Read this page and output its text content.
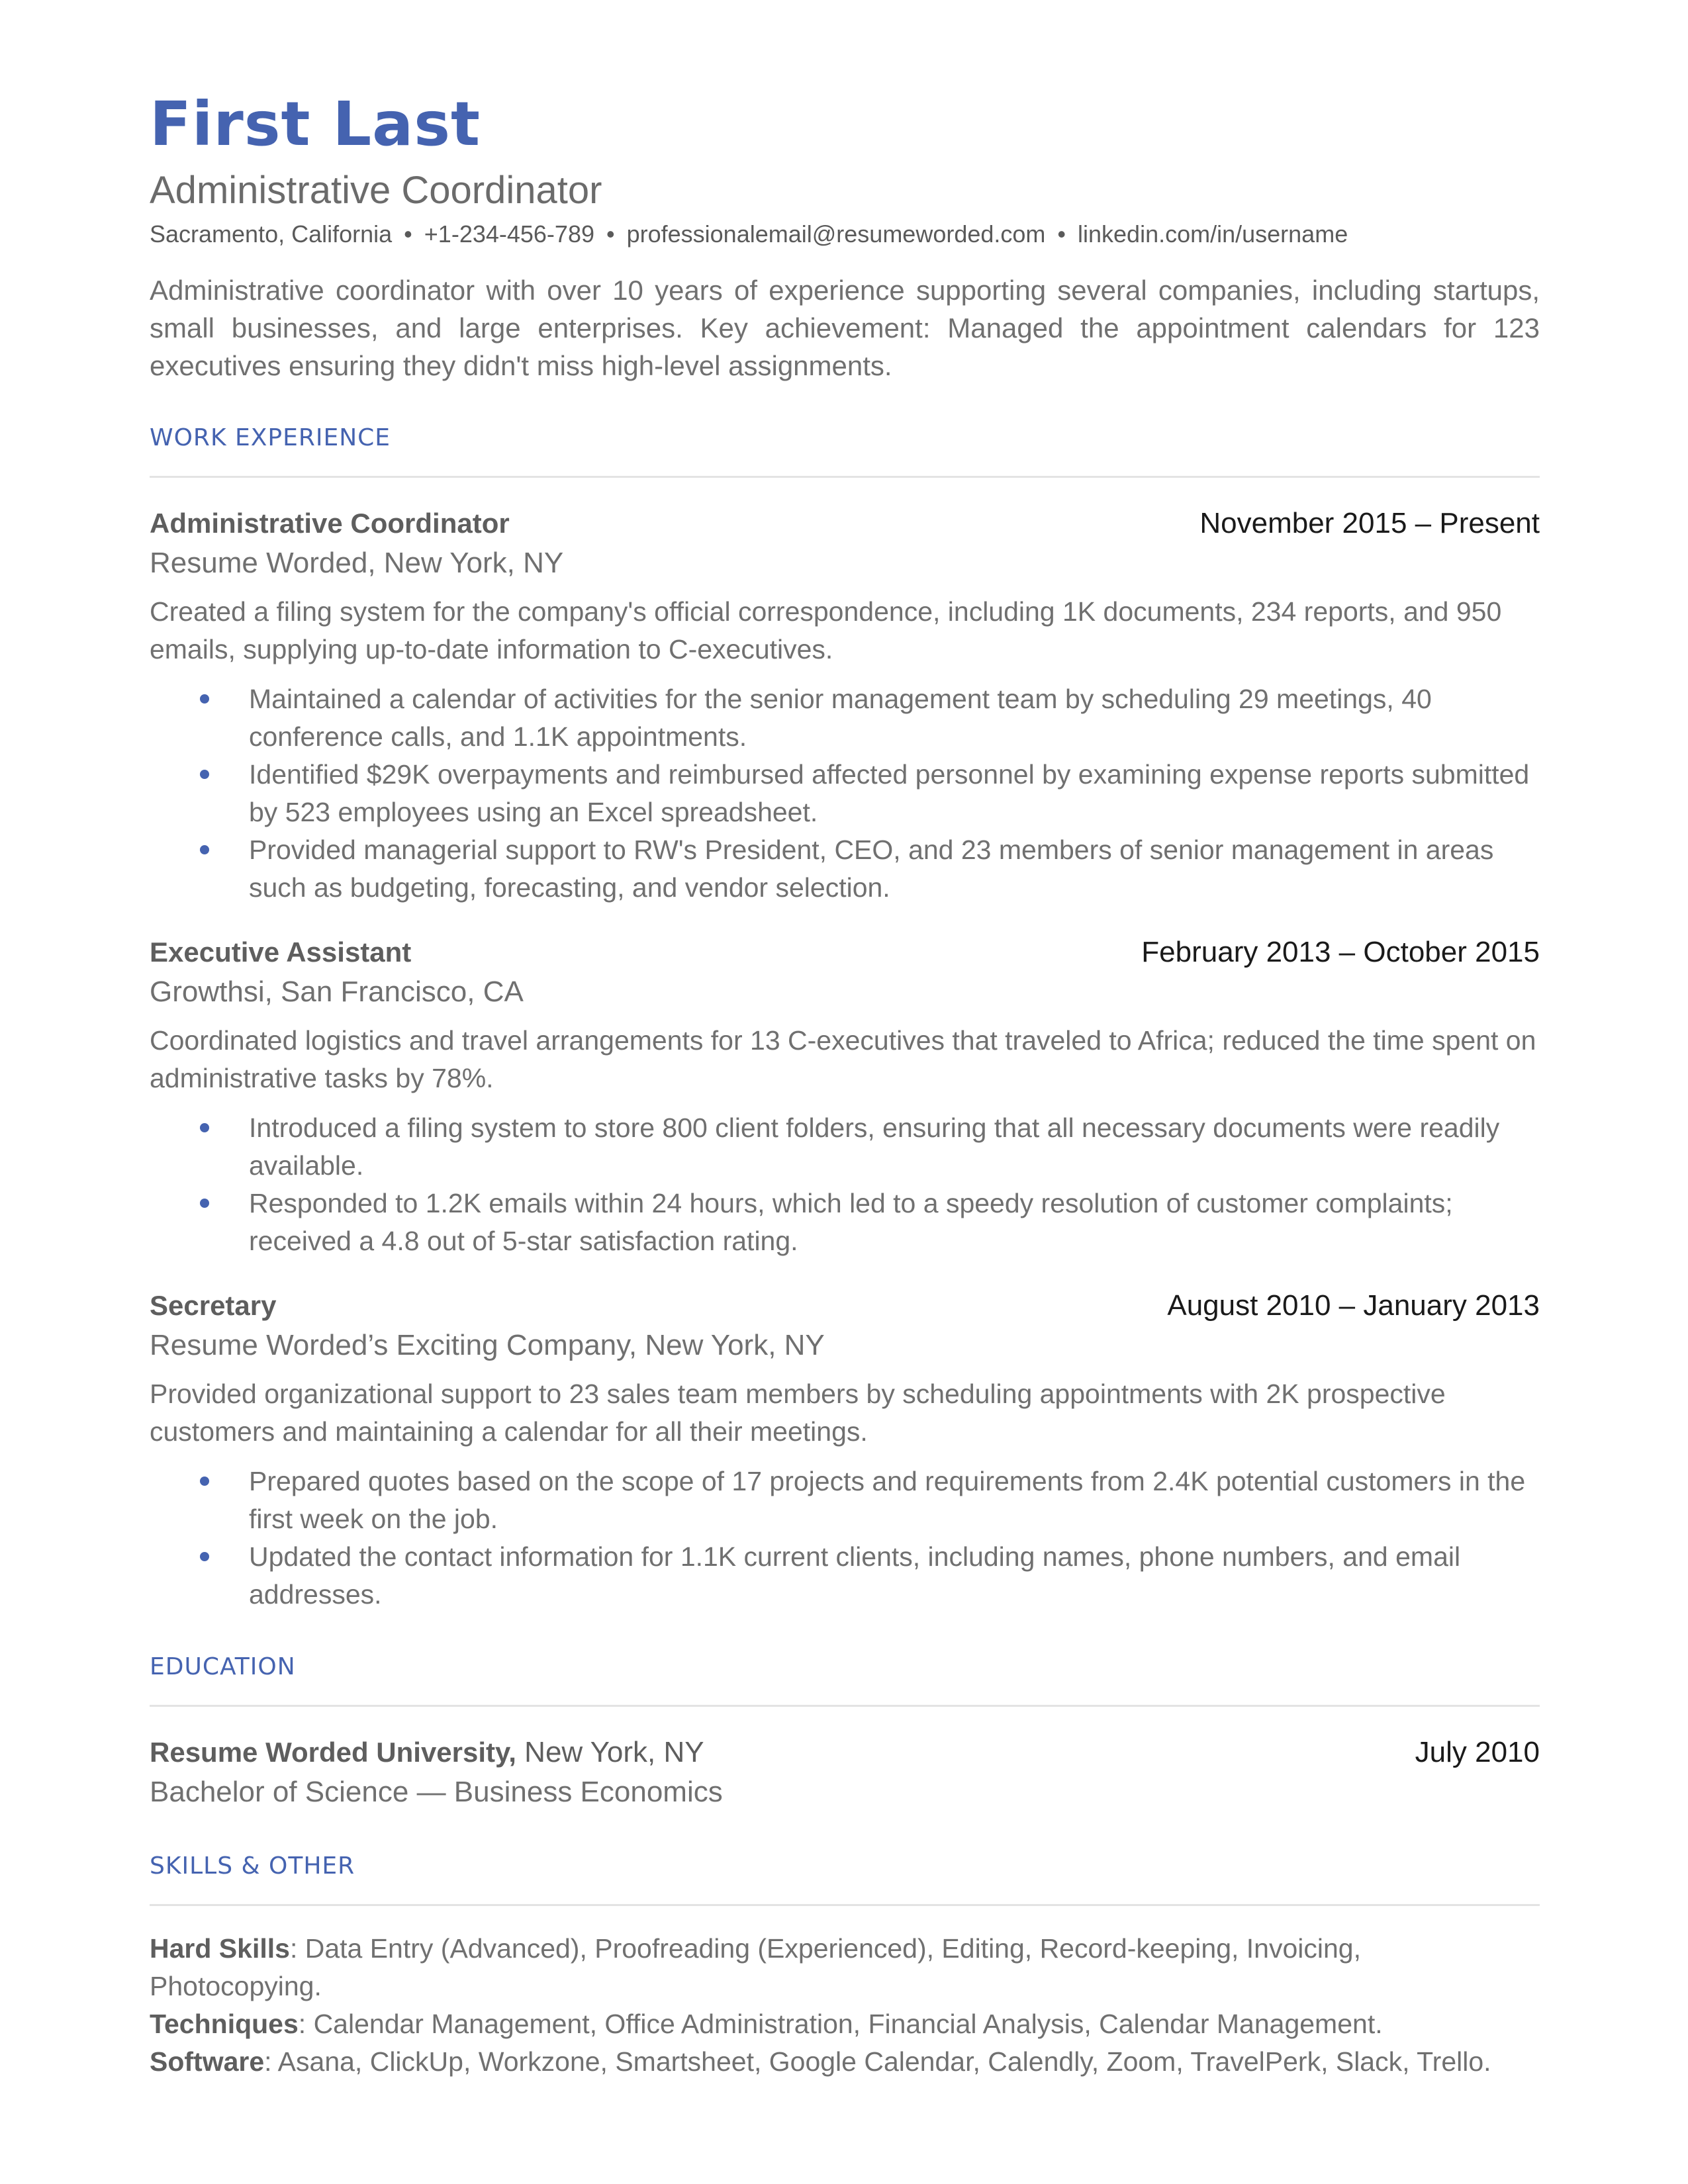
First Last
Administrative Coordinator
Sacramento, California • +1-234-456-789 • professionalemail@resumeworded.com • linkedin.com/in/username
Administrative coordinator with over 10 years of experience supporting several companies, including startups, small businesses, and large enterprises. Key achievement: Managed the appointment calendars for 123 executives ensuring they didn't miss high-level assignments.
WORK EXPERIENCE
Administrative Coordinator	November 2015 – Present
Resume Worded, New York, NY
Created a filing system for the company's official correspondence, including 1K documents, 234 reports, and 950 emails, supplying up-to-date information to C-executives.
Maintained a calendar of activities for the senior management team by scheduling 29 meetings, 40 conference calls, and 1.1K appointments.
Identified $29K overpayments and reimbursed affected personnel by examining expense reports submitted by 523 employees using an Excel spreadsheet.
Provided managerial support to RW's President, CEO, and 23 members of senior management in areas such as budgeting, forecasting, and vendor selection.
Executive Assistant	February 2013 – October 2015
Growthsi, San Francisco, CA
Coordinated logistics and travel arrangements for 13 C-executives that traveled to Africa; reduced the time spent on administrative tasks by 78%.
Introduced a filing system to store 800 client folders, ensuring that all necessary documents were readily available.
Responded to 1.2K emails within 24 hours, which led to a speedy resolution of customer complaints; received a 4.8 out of 5-star satisfaction rating.
Secretary	August 2010 – January 2013
Resume Worded’s Exciting Company, New York, NY
Provided organizational support to 23 sales team members by scheduling appointments with 2K prospective customers and maintaining a calendar for all their meetings.
Prepared quotes based on the scope of 17 projects and requirements from 2.4K potential customers in the first week on the job.
Updated the contact information for 1.1K current clients, including names, phone numbers, and email addresses.
EDUCATION
Resume Worded University, New York, NY	July 2010
Bachelor of Science — Business Economics
SKILLS & OTHER
Hard Skills: Data Entry (Advanced), Proofreading (Experienced), Editing, Record-keeping, Invoicing, Photocopying.
Techniques: Calendar Management, Office Administration, Financial Analysis, Calendar Management.
Software: Asana, ClickUp, Workzone, Smartsheet, Google Calendar, Calendly, Zoom, TravelPerk, Slack, Trello.
